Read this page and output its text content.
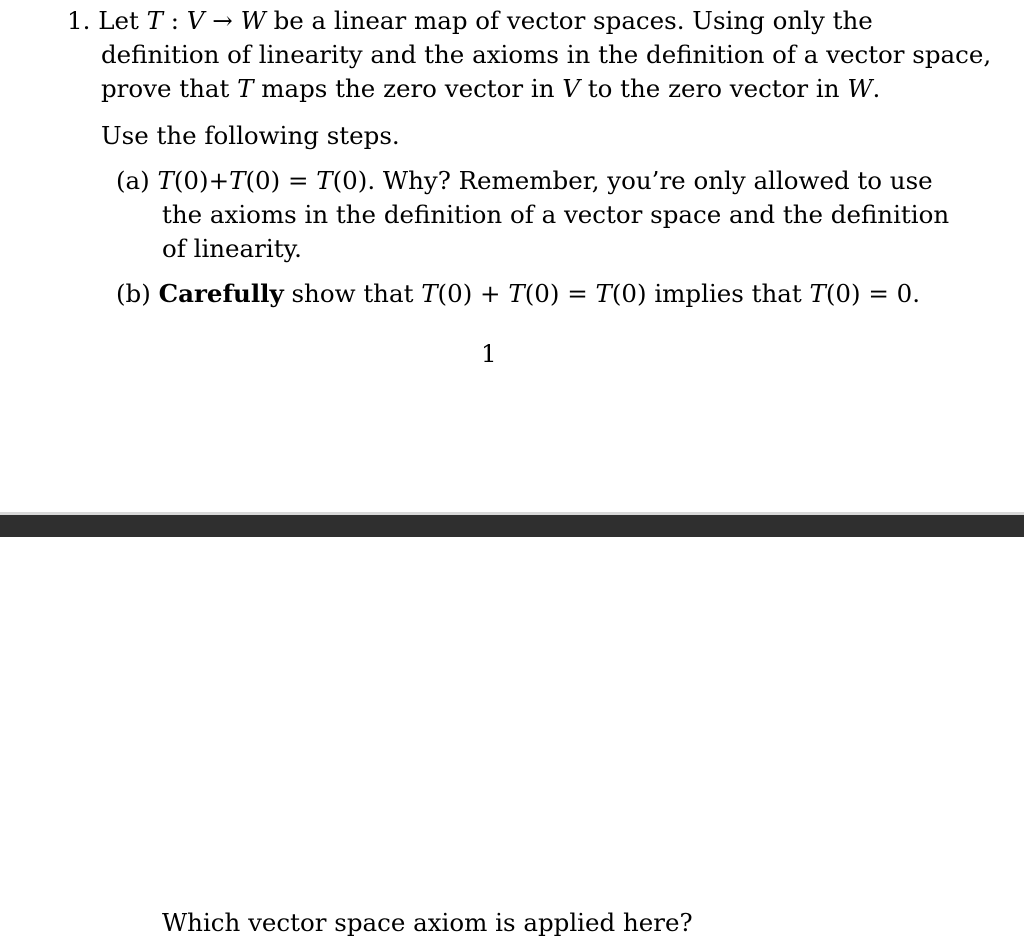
1. Let T : V → W be a linear map of vector spaces. Using only the
definition of linearity and the axioms in the definition of a vector space,
prove that T maps the zero vector in V to the zero vector in W.
Use the following steps.
(a) T(0)+T(0) = T(0). Why? Remember, you’re only allowed to use
the axioms in the definition of a vector space and the definition
of linearity.
(b) Carefully show that T(0) + T(0) = T(0) implies that T(0) = 0.
1
Which vector space axiom is applied here?
